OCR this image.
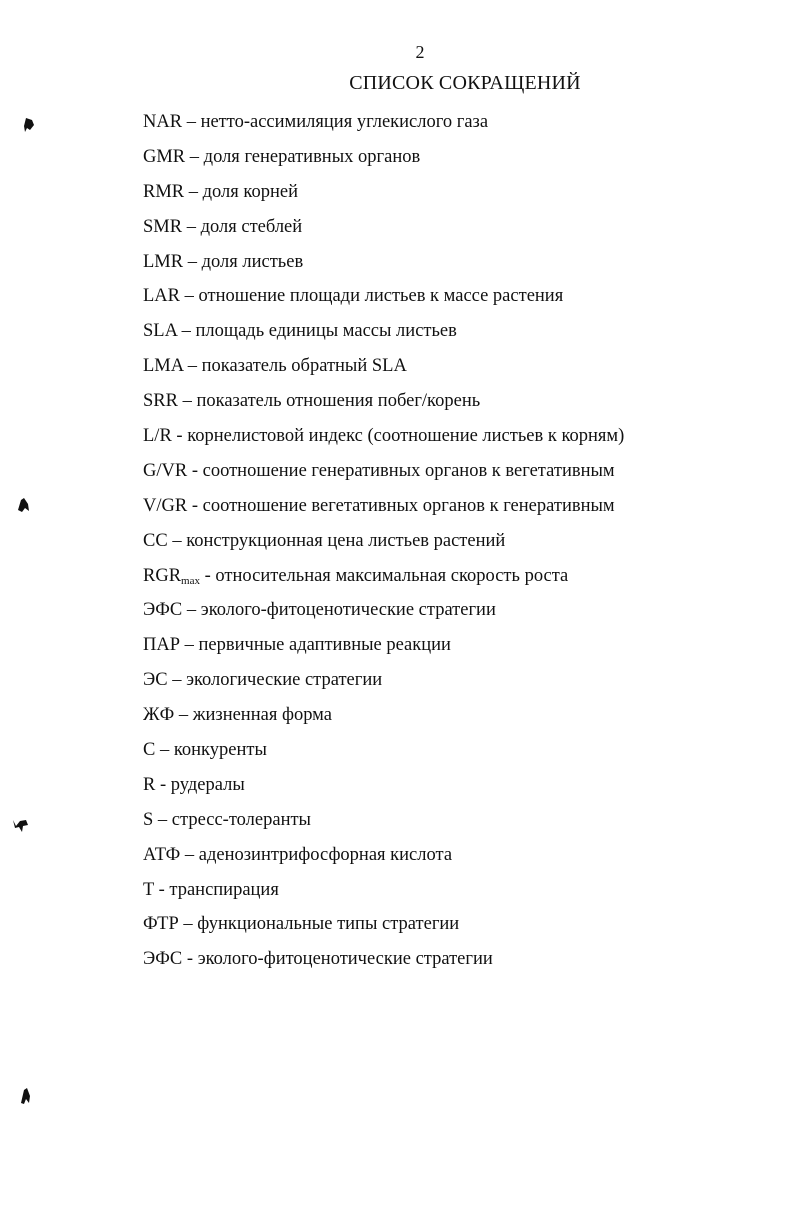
2
СПИСОК СОКРАЩЕНИЙ
NAR – нетто-ассимиляция углекислого газа
GMR – доля генеративных органов
RMR – доля корней
SMR – доля стеблей
LMR – доля листьев
LAR – отношение площади листьев к массе растения
SLA – площадь единицы массы листьев
LMA – показатель обратный SLA
SRR – показатель отношения побег/корень
L/R - корнелистовой индекс (соотношение листьев к корням)
G/VR - соотношение генеративных органов к вегетативным
V/GR - соотношение вегетативных органов к генеративным
CC – конструкционная цена листьев растений
$RGR_{max}$ - относительная максимальная скорость роста
ЭФС – эколого-фитоценотические стратегии
ПАР – первичные адаптивные реакции
ЭС – экологические стратегии
ЖФ – жизненная форма
C – конкуренты
R - рудералы
S – стресс-толеранты
АТФ – аденозинтрифосфорная кислота
T - транспирация
ФТР – функциональные типы стратегии
ЭФС - эколого-фитоценотические стратегии
